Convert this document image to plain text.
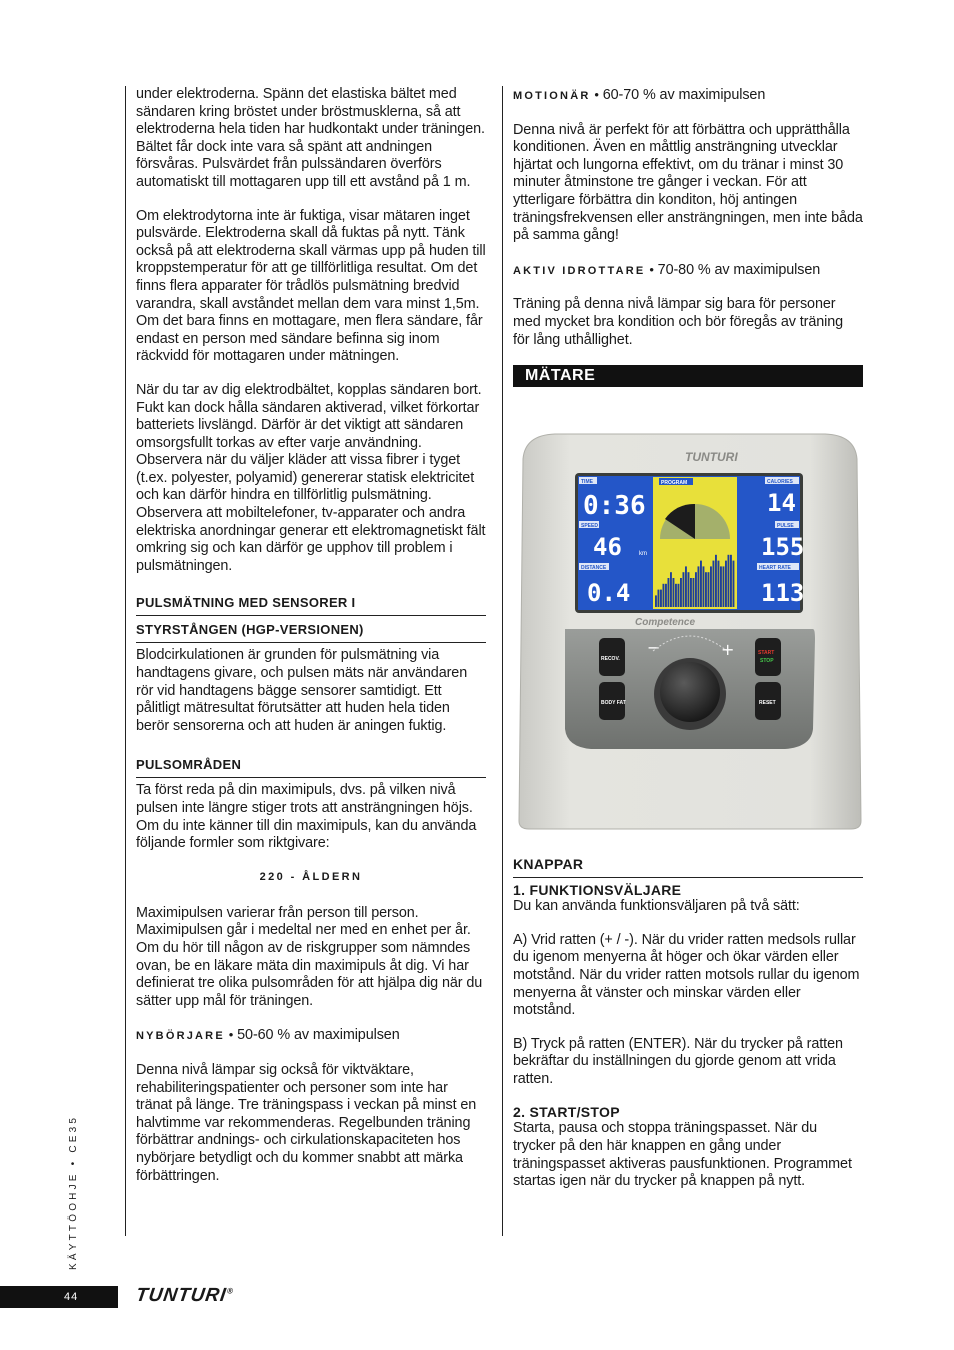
under elektroderna. Spänn det elastiska bältet med sändaren kring bröstet under bröstmusklerna, så att elektroderna hela tiden har hudkontakt under träningen. Bältet får dock inte vara så spänt att andningen försvåras. Pulsvärdet från pulssändaren överförs automatiskt till mottagaren upp till ett avstånd på 1 m.

Om elektrodytorna inte är fuktiga, visar mätaren inget pulsvärde. Elektroderna skall då fuktas på nytt. Tänk också på att elektroderna skall värmas upp på huden till kroppstemperatur för att ge tillförlitliga resultat. Om det finns flera apparater för trådlös pulsmätning bredvid varandra, skall avståndet mellan dem vara minst 1,5m. Om det bara finns en mottagare, men flera sändare, får endast en person med sändare befinna sig inom räckvidd för mottagaren under mätningen.

När du tar av dig elektrodbältet, kopplas sändaren bort. Fukt kan dock hålla sändaren aktiverad, vilket förkortar batteriets livslängd. Därför är det viktigt att sändaren omsorgsfullt torkas av efter varje användning. Observera när du väljer kläder att vissa fibrer i tyget (t.ex. polyester, polyamid) genererar statisk elektricitet och kan därför hindra en tillförlitlig pulsmätning. Observera att mobiltelefoner, tv-apparater och andra elektriska anordningar generar ett elektromagnetiskt fält omkring sig och kan därför ge upphov till problem i pulsmätningen.

PULSMÄTNING MED SENSORER I
STYRSTÅNGEN (HGP-VERSIONEN)

Blodcirkulationen är grunden för pulsmätning via handtagens givare, och pulsen mäts när användaren rör vid handtagens bägge sensorer samtidigt. Ett pålitligt mätresultat förutsätter att huden hela tiden berör sensorerna och att huden är aningen fuktig.

PULSOMRÅDEN

Ta först reda på din maximipuls, dvs. på vilken nivå pulsen inte längre stiger trots att ansträngningen höjs. Om du inte känner till din maximipuls, kan du använda följande formler som riktgivare:

220 - ÅLDERN

Maximipulsen varierar från person till person. Maximipulsen går i medeltal ner med en enhet per år. Om du hör till någon av de riskgrupper som nämndes ovan, be en läkare mäta din maximipuls åt dig. Vi har definierat tre olika pulsområden för att hjälpa dig när du sätter upp mål för träningen.

NYBÖRJARE • 50-60 % av maximipulsen

Denna nivå lämpar sig också för viktväktare, rehabiliteringspatienter och personer som inte har tränat på länge. Tre träningspass i veckan på minst en halvtimme var rekommenderas. Regelbunden träning förbättrar andnings- och cirkulationskapaciteten hos nybörjare betydligt och du kommer snabbt att märka förbättringen.

MOTIONÄR • 60-70 % av maximipulsen

Denna nivå är perfekt för att förbättra och upprätthålla konditionen. Även en måttlig ansträngning utvecklar hjärtat och lungorna effektivt, om du tränar i minst 30 minuter åtminstone tre gånger i veckan. För att ytterligare förbättra din konditon, höj antingen träningsfrekvensen eller ansträngningen, men inte båda på samma gång!

AKTIV IDROTTARE • 70-80 % av maximipulsen

Träning på denna nivå lämpar sig bara för personer med mycket bra kondition och bör föregås av träning för lång uthållighet.

MÄTARE
TUNTURI
TIME
0:36
SPEED
46	km
DISTANCE
0.4
PROGRAM	CALORIES
14
PULSE
155
HEART RATE
113
Competence
RECOV.
BODY FAT
START
STOP
RESET
−	+
KNAPPAR
1. FUNKTIONSVÄLJARE

Du kan använda funktionsväljaren på två sätt:

A) Vrid ratten (+ / -). När du vrider ratten medsols rullar du igenom menyerna åt höger och ökar värden eller motstånd. När du vrider ratten motsols rullar du igenom menyerna åt vänster och minskar värden eller motstånd.

B) Tryck på ratten (ENTER). När du trycker på ratten bekräftar du inställningen du gjorde genom att vrida ratten.

2. START/STOP

Starta, pausa och stoppa träningspasset. När du trycker på den här knappen en gång under träningspasset aktiveras pausfunktionen. Programmet startas igen när du trycker på knappen på nytt.

KÄYTTÖOHJE • CE35
44	TUNTURI®
